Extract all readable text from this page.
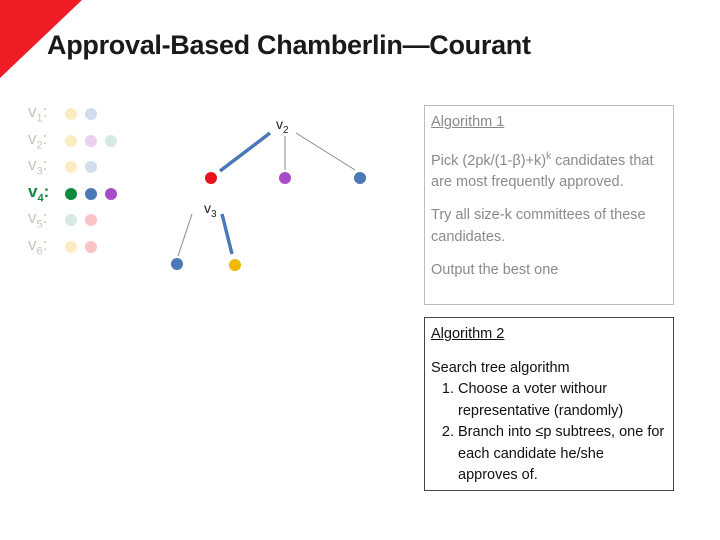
Approval-Based Chamberlin—Courant
$v_1$:
$v_2$:
$v_3$:
$v_4$:
$v_5$:
$v_6$:
$v_2$
$v_3$
Algorithm 1

Pick $(2pk/(1-\beta)+k)^k$ candidates that are most frequently approved.

Try all size-k committees of these candidates.

Output the best one

Algorithm 2
Search tree algorithm
1. Choose a voter withour representative (randomly)
2. Branch into ≤p subtrees, one for each candidate he/she approves of.
